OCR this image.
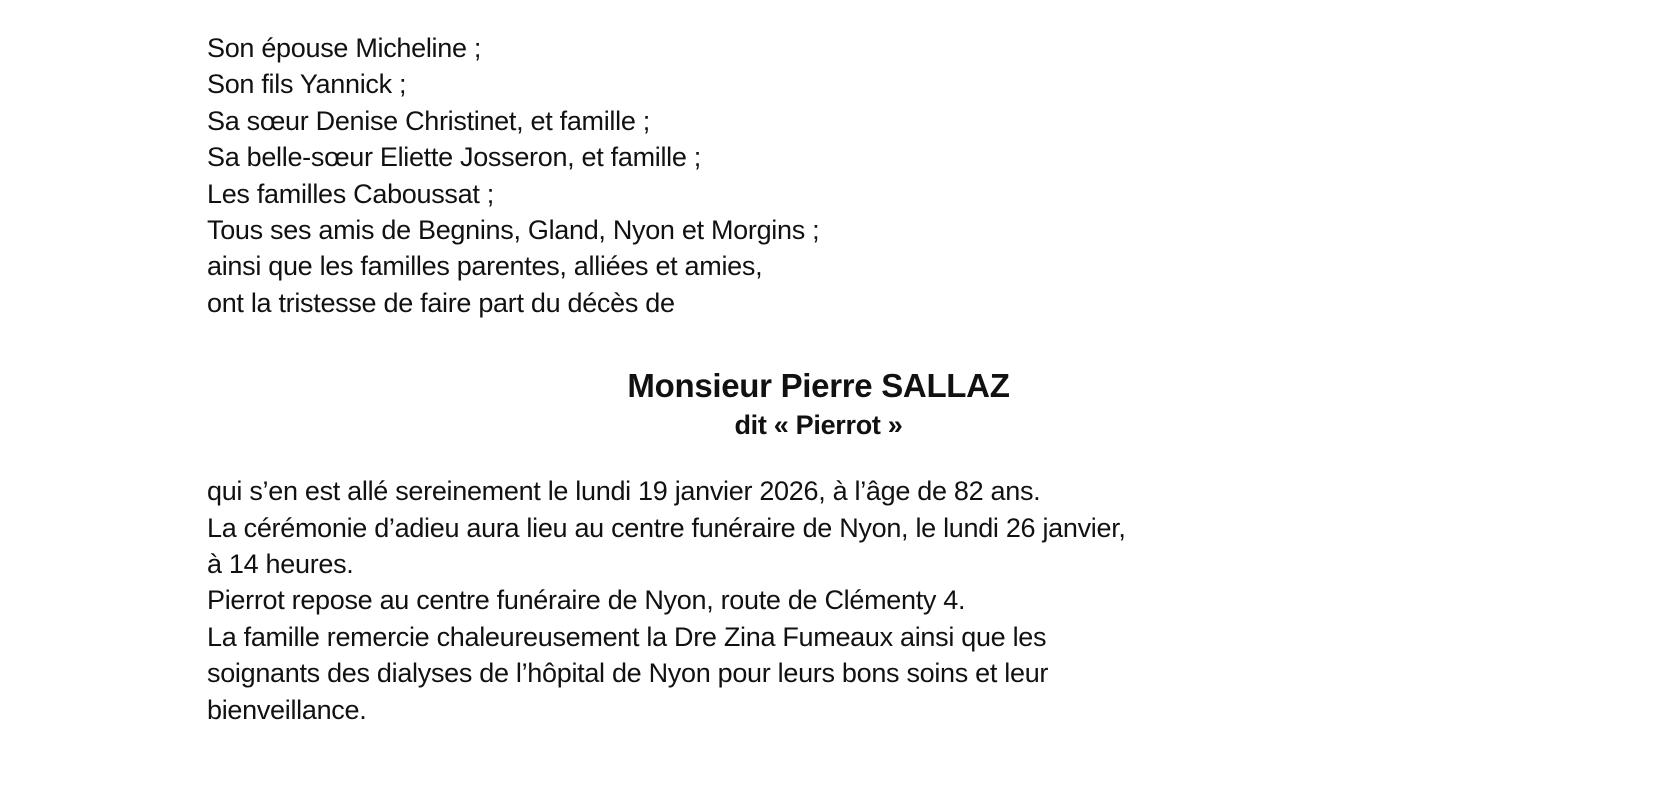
Son épouse Micheline ;
Son fils Yannick ;
Sa sœur Denise Christinet, et famille ;
Sa belle-sœur Eliette Josseron, et famille ;
Les familles Caboussat ;
Tous ses amis de Begnins, Gland, Nyon et Morgins ;
ainsi que les familles parentes, alliées et amies,
ont la tristesse de faire part du décès de
Monsieur Pierre SALLAZ
dit « Pierrot »
qui s’en est allé sereinement le lundi 19 janvier 2026, à l’âge de 82 ans.
La cérémonie d’adieu aura lieu au centre funéraire de Nyon, le lundi 26 janvier,
à 14 heures.
Pierrot repose au centre funéraire de Nyon, route de Clémenty 4.
La famille remercie chaleureusement la Dre Zina Fumeaux ainsi que les
soignants des dialyses de l’hôpital de Nyon pour leurs bons soins et leur
bienveillance.
